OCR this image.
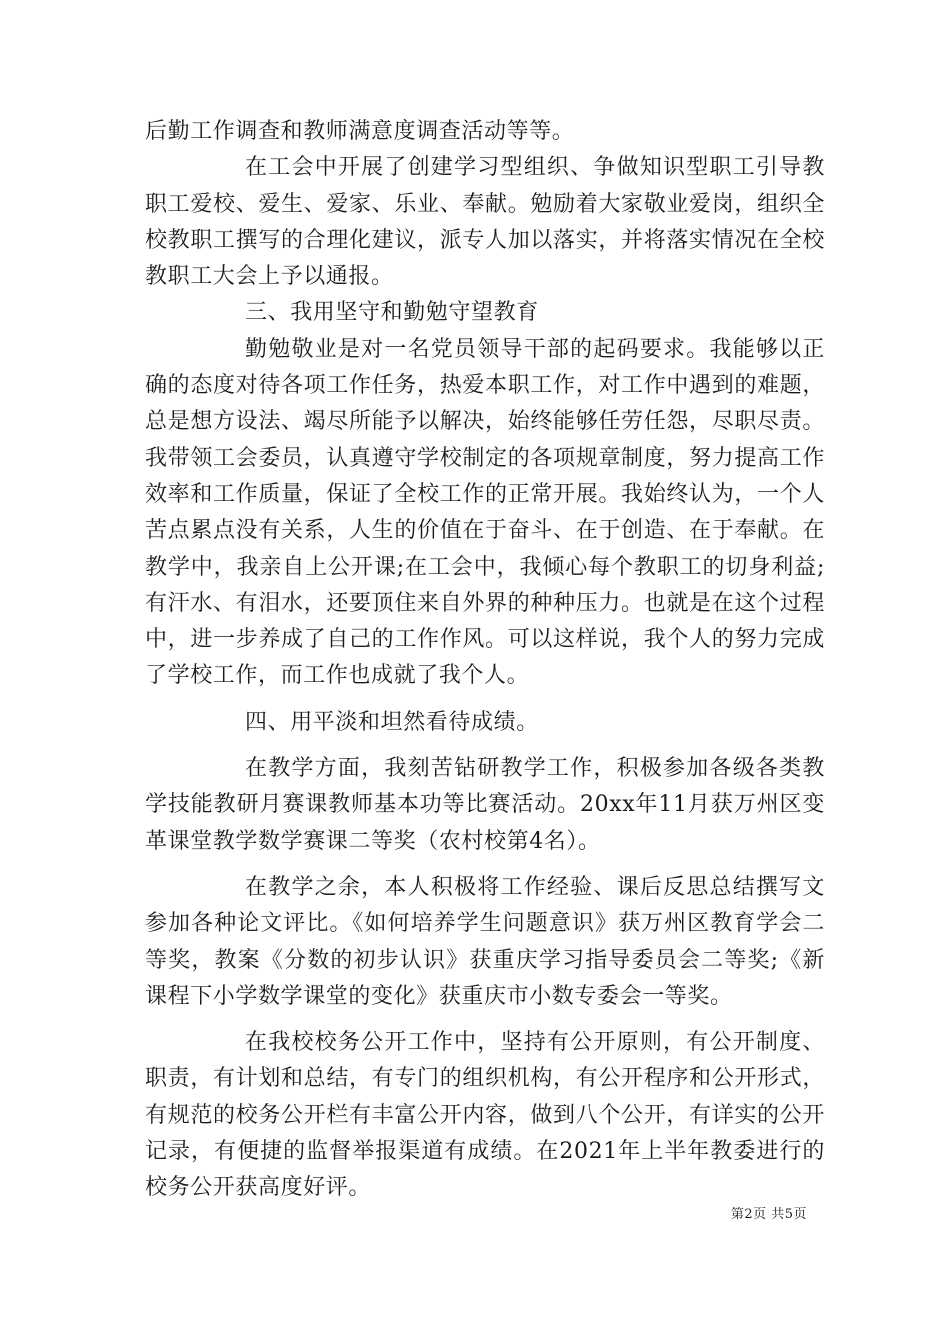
后勤工作调查和教师满意度调查活动等等。

在工会中开展了创建学习型组织、争做知识型职工引导教职工爱校、爱生、爱家、乐业、奉献。勉励着大家敬业爱岗，组织全校教职工撰写的合理化建议，派专人加以落实，并将落实情况在全校教职工大会上予以通报。

三、我用坚守和勤勉守望教育

勤勉敬业是对一名党员领导干部的起码要求。我能够以正确的态度对待各项工作任务，热爱本职工作，对工作中遇到的难题，总是想方设法、竭尽所能予以解决，始终能够任劳任怨，尽职尽责。我带领工会委员，认真遵守学校制定的各项规章制度，努力提高工作效率和工作质量，保证了全校工作的正常开展。我始终认为，一个人苦点累点没有关系，人生的价值在于奋斗、在于创造、在于奉献。在教学中，我亲自上公开课;在工会中，我倾心每个教职工的切身利益;有汗水、有泪水，还要顶住来自外界的种种压力。也就是在这个过程中，进一步养成了自己的工作作风。可以这样说，我个人的努力完成了学校工作，而工作也成就了我个人。

四、用平淡和坦然看待成绩。

在教学方面，我刻苦钻研教学工作，积极参加各级各类教学技能教研月赛课教师基本功等比赛活动。20xx年11月获万州区变革课堂教学数学赛课二等奖（农村校第4名）。

在教学之余，本人积极将工作经验、课后反思总结撰写文参加各种论文评比。《如何培养学生问题意识》获万州区教育学会二等奖，教案《分数的初步认识》获重庆学习指导委员会二等奖;《新课程下小学数学课堂的变化》获重庆市小数专委会一等奖。

在我校校务公开工作中，坚持有公开原则，有公开制度、职责，有计划和总结，有专门的组织机构，有公开程序和公开形式，有规范的校务公开栏有丰富公开内容，做到八个公开，有详实的公开记录，有便捷的监督举报渠道有成绩。在2021年上半年教委进行的校务公开获高度好评。

第2页 共5页
